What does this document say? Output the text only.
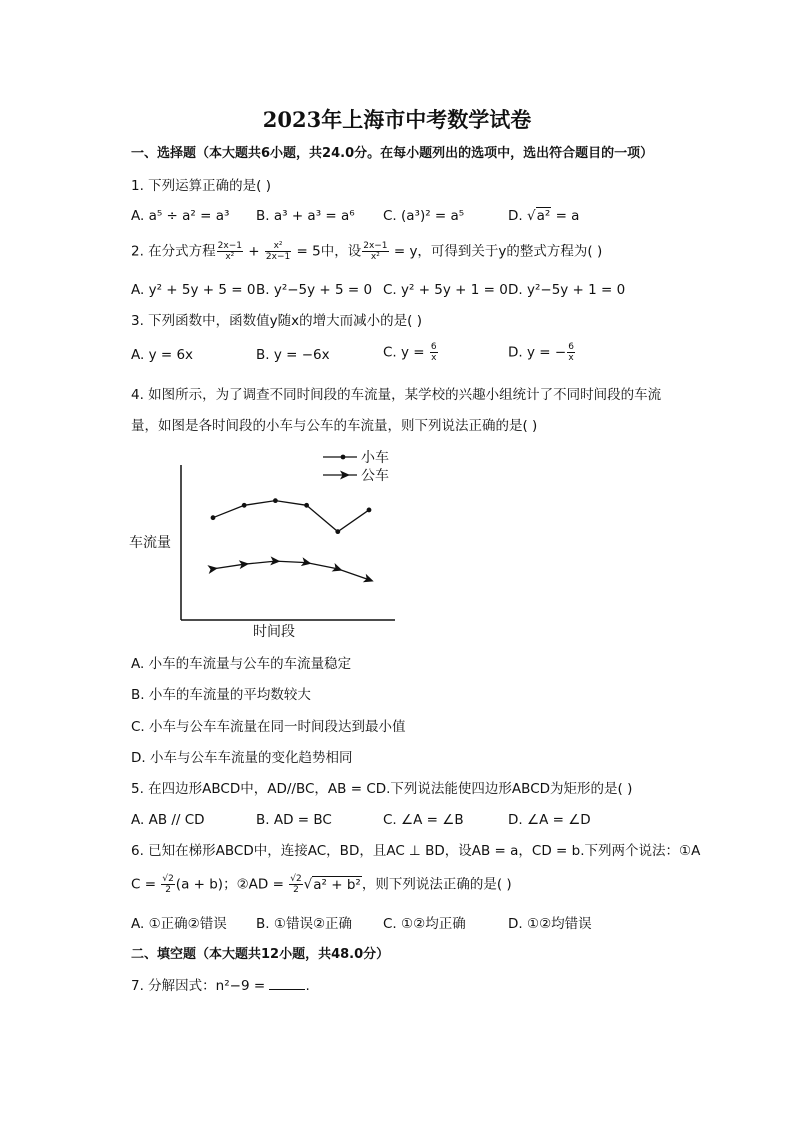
2023年上海市中考数学试卷
一、选择题（本大题共6小题，共24.0分。在每小题列出的选项中，选出符合题目的一项）
1. 下列运算正确的是( )
A. a⁵ ÷ a² = a³ B. a³ + a³ = a⁶ C. (a³)² = a⁵	D. √a² = a
2. 在分式方程 $\frac{2x-1}{\text{x²}} + \frac{\text{x²}}{2x-1} = 5$中，设 $\frac{2x-1}{\text{x²}} = y$，可得到关于y的整式方程为( )
A. y² + 5y + 5 = 0 B. y²−5y + 5 = 0 C. y² + 5y + 1 = 0 D. y²−5y + 1 = 0
3. 下列函数中，函数值y随x的增大而减小的是( )
A. y = 6x	B. y = −6x	C. $y = \frac{6}{x}$	D. y = − $\frac{6}{x}$
4. 如图所示，为了调查不同时间段的车流量，某学校的兴趣小组统计了不同时间段的车流
量，如图是各时间段的小车与公车的车流量，则下列说法正确的是( )
车流量
时间段
小车
公车
A. 小车的车流量与公车的车流量稳定
B. 小车的车流量的平均数较大
C. 小车与公车车流量在同一时间段达到最小值
D. 小车与公车车流量的变化趋势相同
5. 在四边形ABCD中，AD//BC，AB = CD.下列说法能使四边形ABCD为矩形的是( )
A. AB // CD	B. AD = BC	C. ∠A = ∠B	D. ∠A = ∠D
6. 已知在梯形ABCD中，连接AC，BD，且AC ⊥ BD，设AB = a，CD = b.下列两个说法：①A
$C = \frac{√2}{2} (a + b)$；②AD = $\frac{√2}{2} √a^2 + b^2$，则下列说法正确的是( )
A. ①正确②错误 B. ①错误②正确 C. ①②均正确	D. ①②均错误
二、填空题（本大题共12小题，共48.0分）
7. 分解因式：n²−9 =	.
